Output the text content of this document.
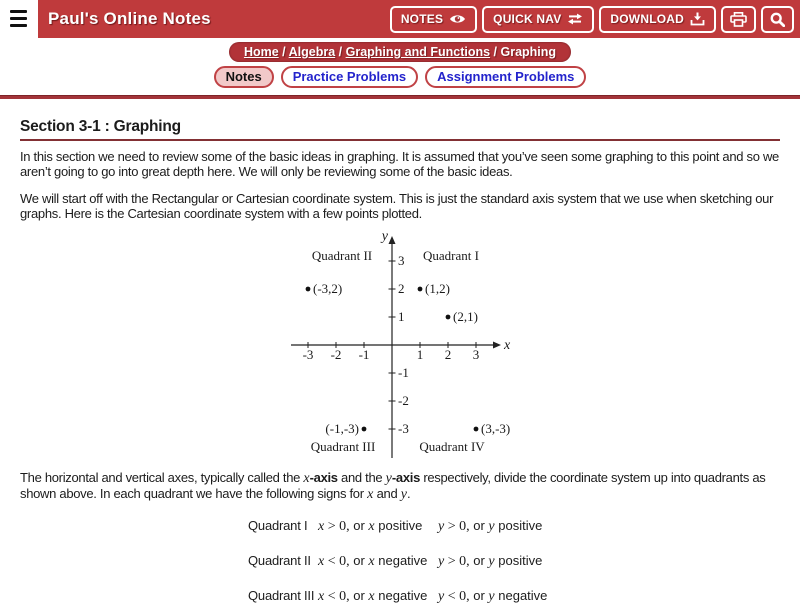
Paul's Online Notes	NOTES	QUICK NAV	DOWNLOAD
Home / Algebra / Graphing and Functions / Graphing
Notes	Practice Problems	Assignment Problems
Section 3-1 : Graphing

In this section we need to review some of the basic ideas in graphing. It is assumed that you’ve seen some graphing to this point and so we aren’t going to go into great depth here. We will only be reviewing some of the basic ideas.

We will start off with the Rectangular or Cartesian coordinate system. This is just the standard axis system that we use when sketching our graphs. Here is the Cartesian coordinate system with a few points plotted.

x
y
-3 -2 -1	1 2 3
3
2
1
-1
-2
-3
(-3,2)	(1,2)
(2,1)
(-1,-3)	(3,-3)
Quadrant I
Quadrant II
Quadrant III	Quadrant IV

The horizontal and vertical axes, typically called the x-axis and the y-axis respectively, divide the coordinate system up into quadrants as shown above. In each quadrant we have the following signs for x and y.

Quadrant I x > 0, or x positive	y > 0, or y positive
Quadrant II x < 0, or x negative y > 0, or y positive
Quadrant III x < 0, or x negative y < 0, or y negative
